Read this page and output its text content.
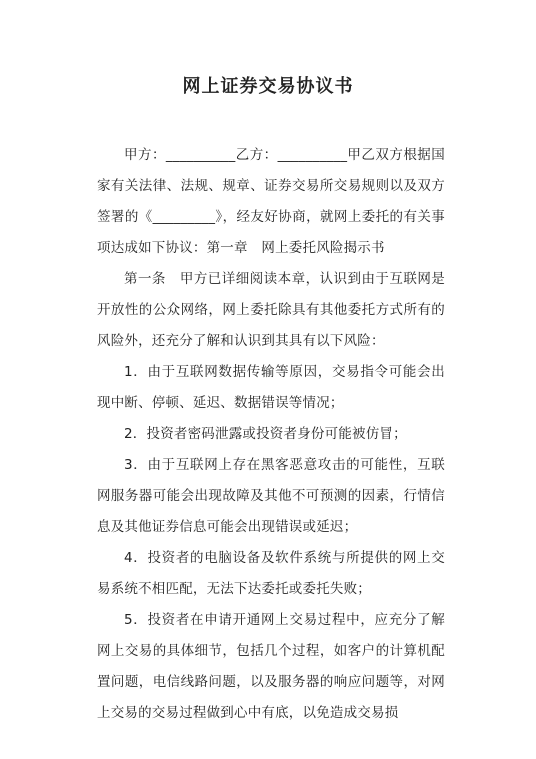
网上证券交易协议书

甲方：__________乙方：__________甲乙双方根据国家有关法律、法规、规章、证券交易所交易规则以及双方签署的《_________》，经友好协商，就网上委托的有关事项达成如下协议：第一章　网上委托风险揭示书

第一条　甲方已详细阅读本章，认识到由于互联网是开放性的公众网络，网上委托除具有其他委托方式所有的风险外，还充分了解和认识到其具有以下风险：

1．由于互联网数据传输等原因，交易指令可能会出现中断、停顿、延迟、数据错误等情况；

2．投资者密码泄露或投资者身份可能被仿冒；

3．由于互联网上存在黑客恶意攻击的可能性，互联网服务器可能会出现故障及其他不可预测的因素，行情信息及其他证券信息可能会出现错误或延迟；

4．投资者的电脑设备及软件系统与所提供的网上交易系统不相匹配，无法下达委托或委托失败；

5．投资者在申请开通网上交易过程中，应充分了解网上交易的具体细节，包括几个过程，如客户的计算机配置问题，电信线路问题，以及服务器的响应问题等，对网上交易的交易过程做到心中有底，以免造成交易损
